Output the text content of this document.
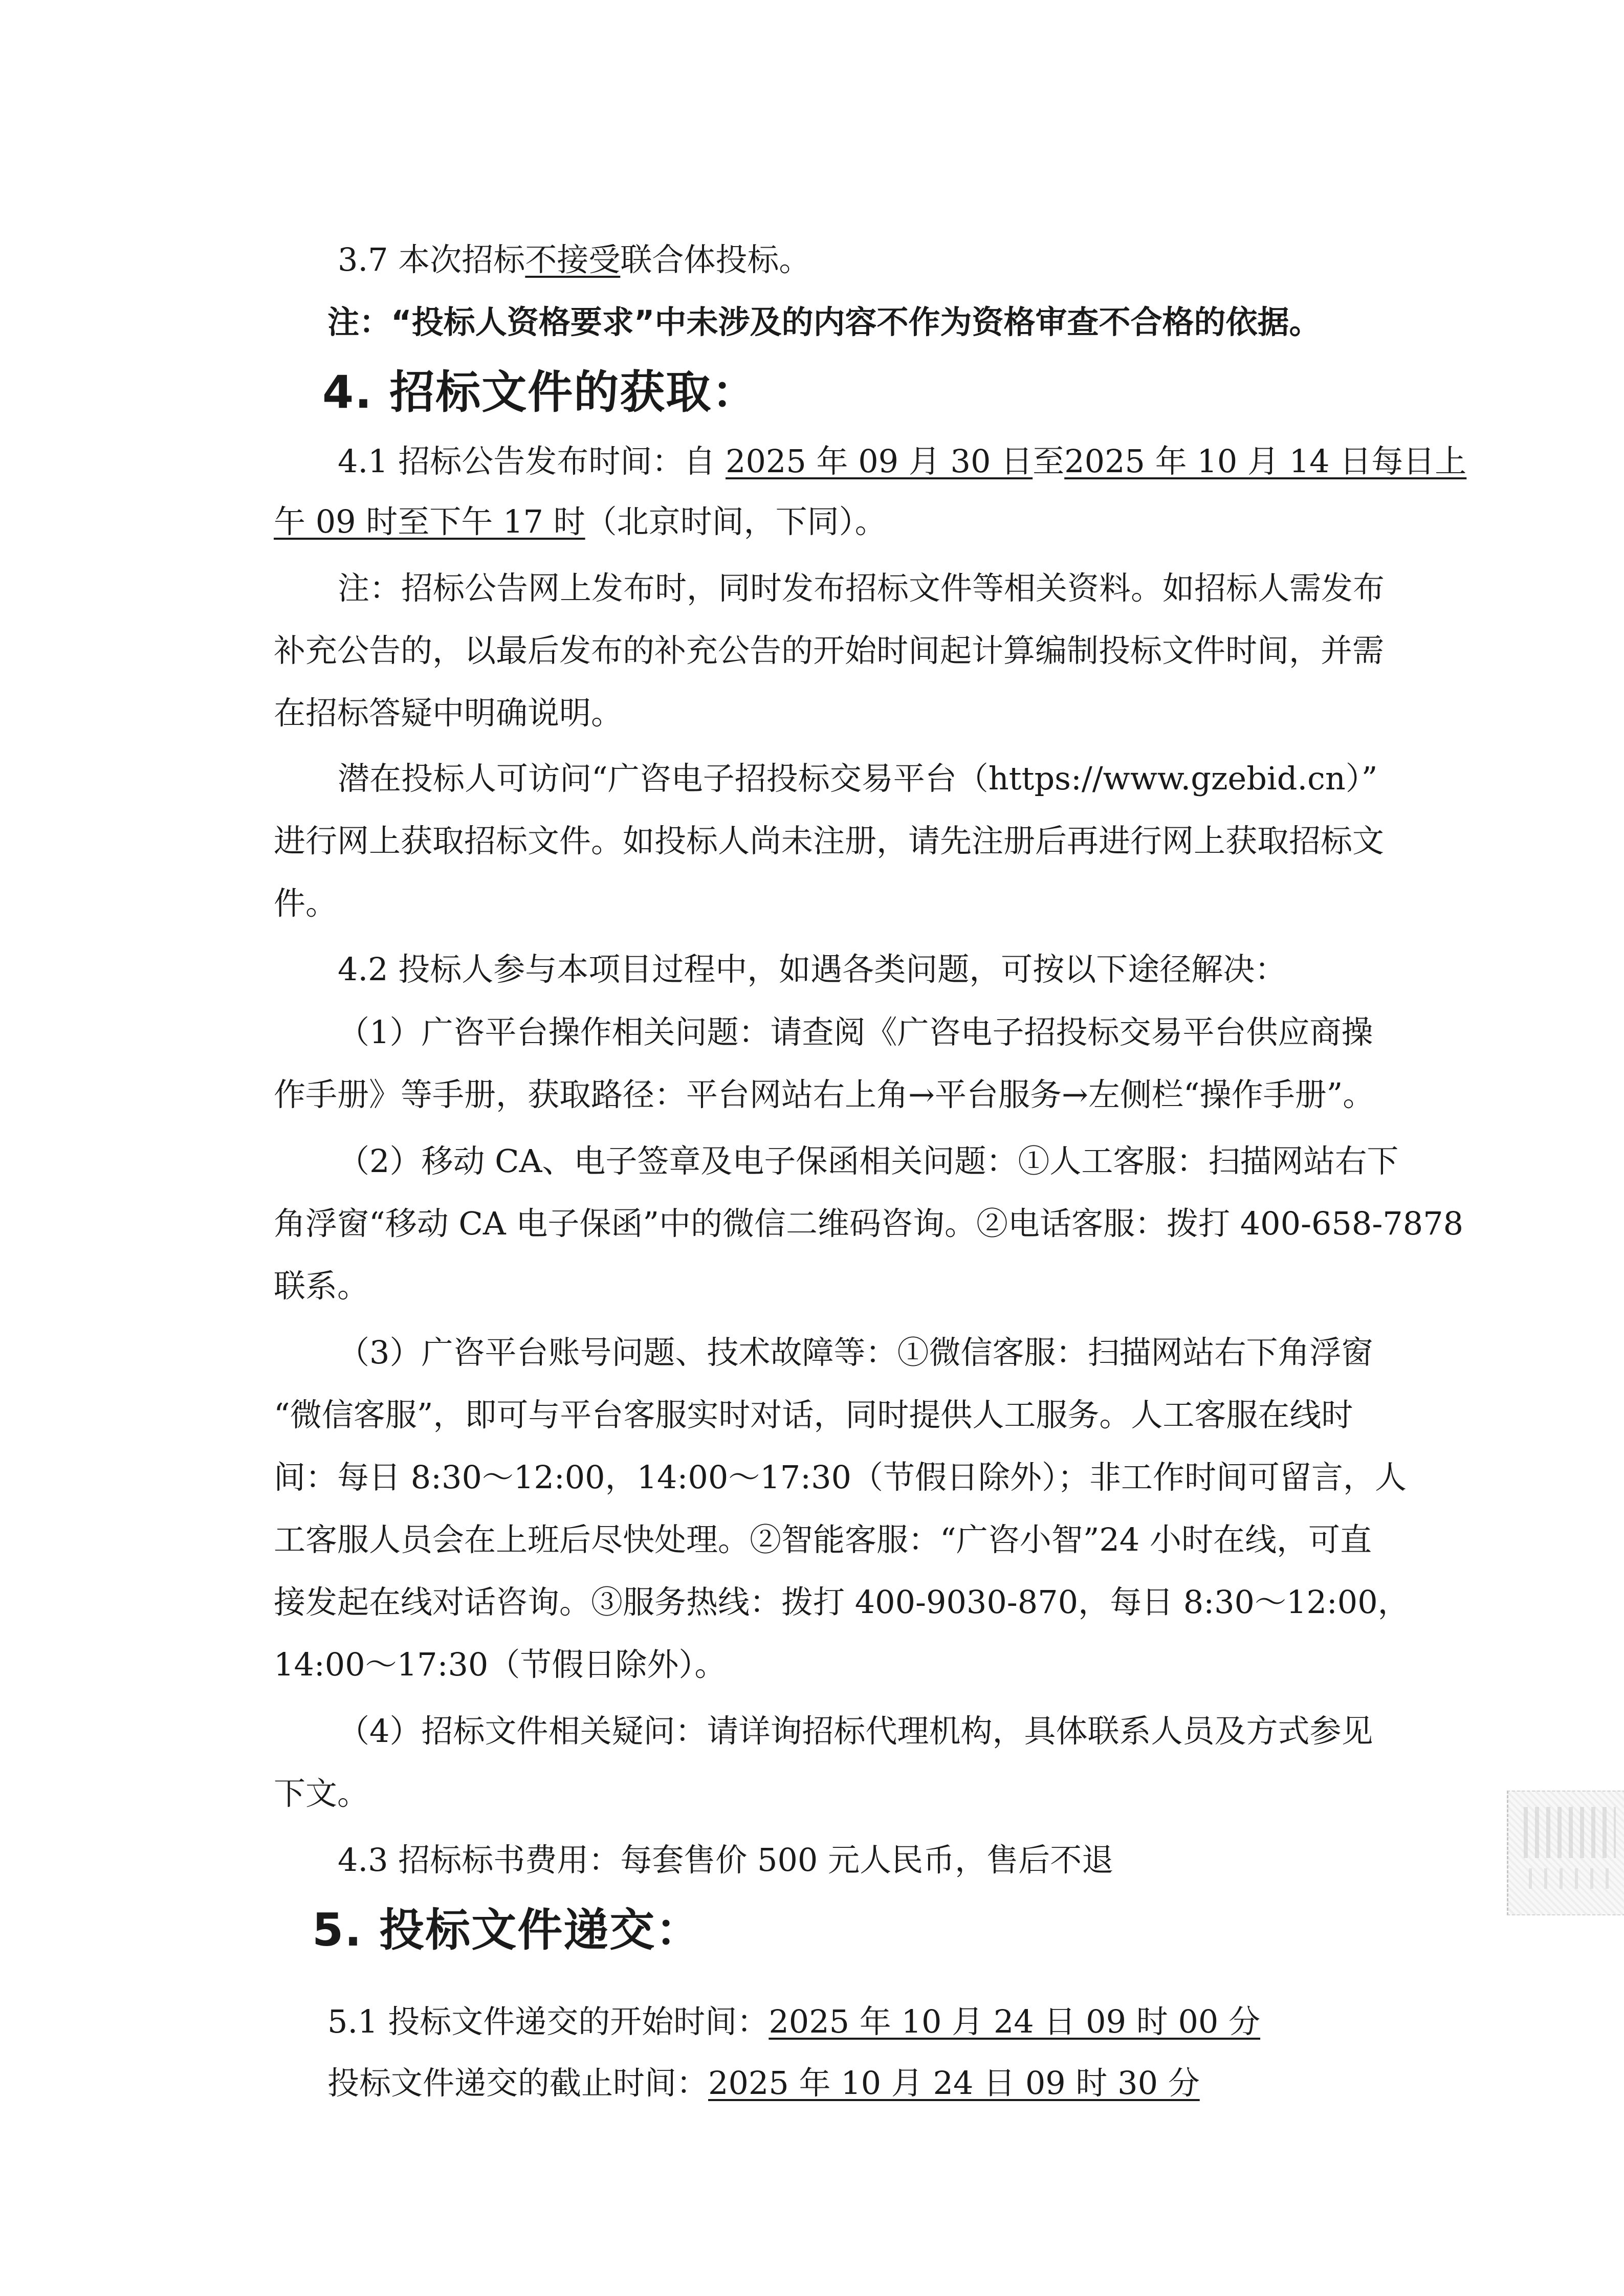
3.7 本次招标不接受联合体投标。
注：“投标人资格要求”中未涉及的内容不作为资格审查不合格的依据。
4. 招标文件的获取：
4.1 招标公告发布时间：自 2025 年 09 月 30 日至2025 年 10 月 14 日每日上
午 09 时至下午 17 时（北京时间，下同）。
注：招标公告网上发布时，同时发布招标文件等相关资料。如招标人需发布
补充公告的，以最后发布的补充公告的开始时间起计算编制投标文件时间，并需
在招标答疑中明确说明。
潜在投标人可访问“广咨电子招投标交易平台（https://www.gzebid.cn）”
进行网上获取招标文件。如投标人尚未注册，请先注册后再进行网上获取招标文
件。
4.2 投标人参与本项目过程中，如遇各类问题，可按以下途径解决：
（1）广咨平台操作相关问题：请查阅《广咨电子招投标交易平台供应商操
作手册》等手册，获取路径：平台网站右上角→平台服务→左侧栏“操作手册”。
（2）移动 CA、电子签章及电子保函相关问题：①人工客服：扫描网站右下
角浮窗“移动 CA 电子保函”中的微信二维码咨询。②电话客服：拨打 400-658-7878
联系。
（3）广咨平台账号问题、技术故障等：①微信客服：扫描网站右下角浮窗
“微信客服”，即可与平台客服实时对话，同时提供人工服务。人工客服在线时
间：每日 8:30～12:00，14:00～17:30（节假日除外）；非工作时间可留言，人
工客服人员会在上班后尽快处理。②智能客服：“广咨小智”24 小时在线，可直
接发起在线对话咨询。③服务热线：拨打 400-9030-870，每日 8:30～12:00，
14:00～17:30（节假日除外）。
（4）招标文件相关疑问：请详询招标代理机构，具体联系人员及方式参见
下文。
4.3 招标标书费用：每套售价 500 元人民币，售后不退
5. 投标文件递交：
5.1 投标文件递交的开始时间：2025 年 10 月 24 日 09 时 00 分
投标文件递交的截止时间：2025 年 10 月 24 日 09 时 30 分
